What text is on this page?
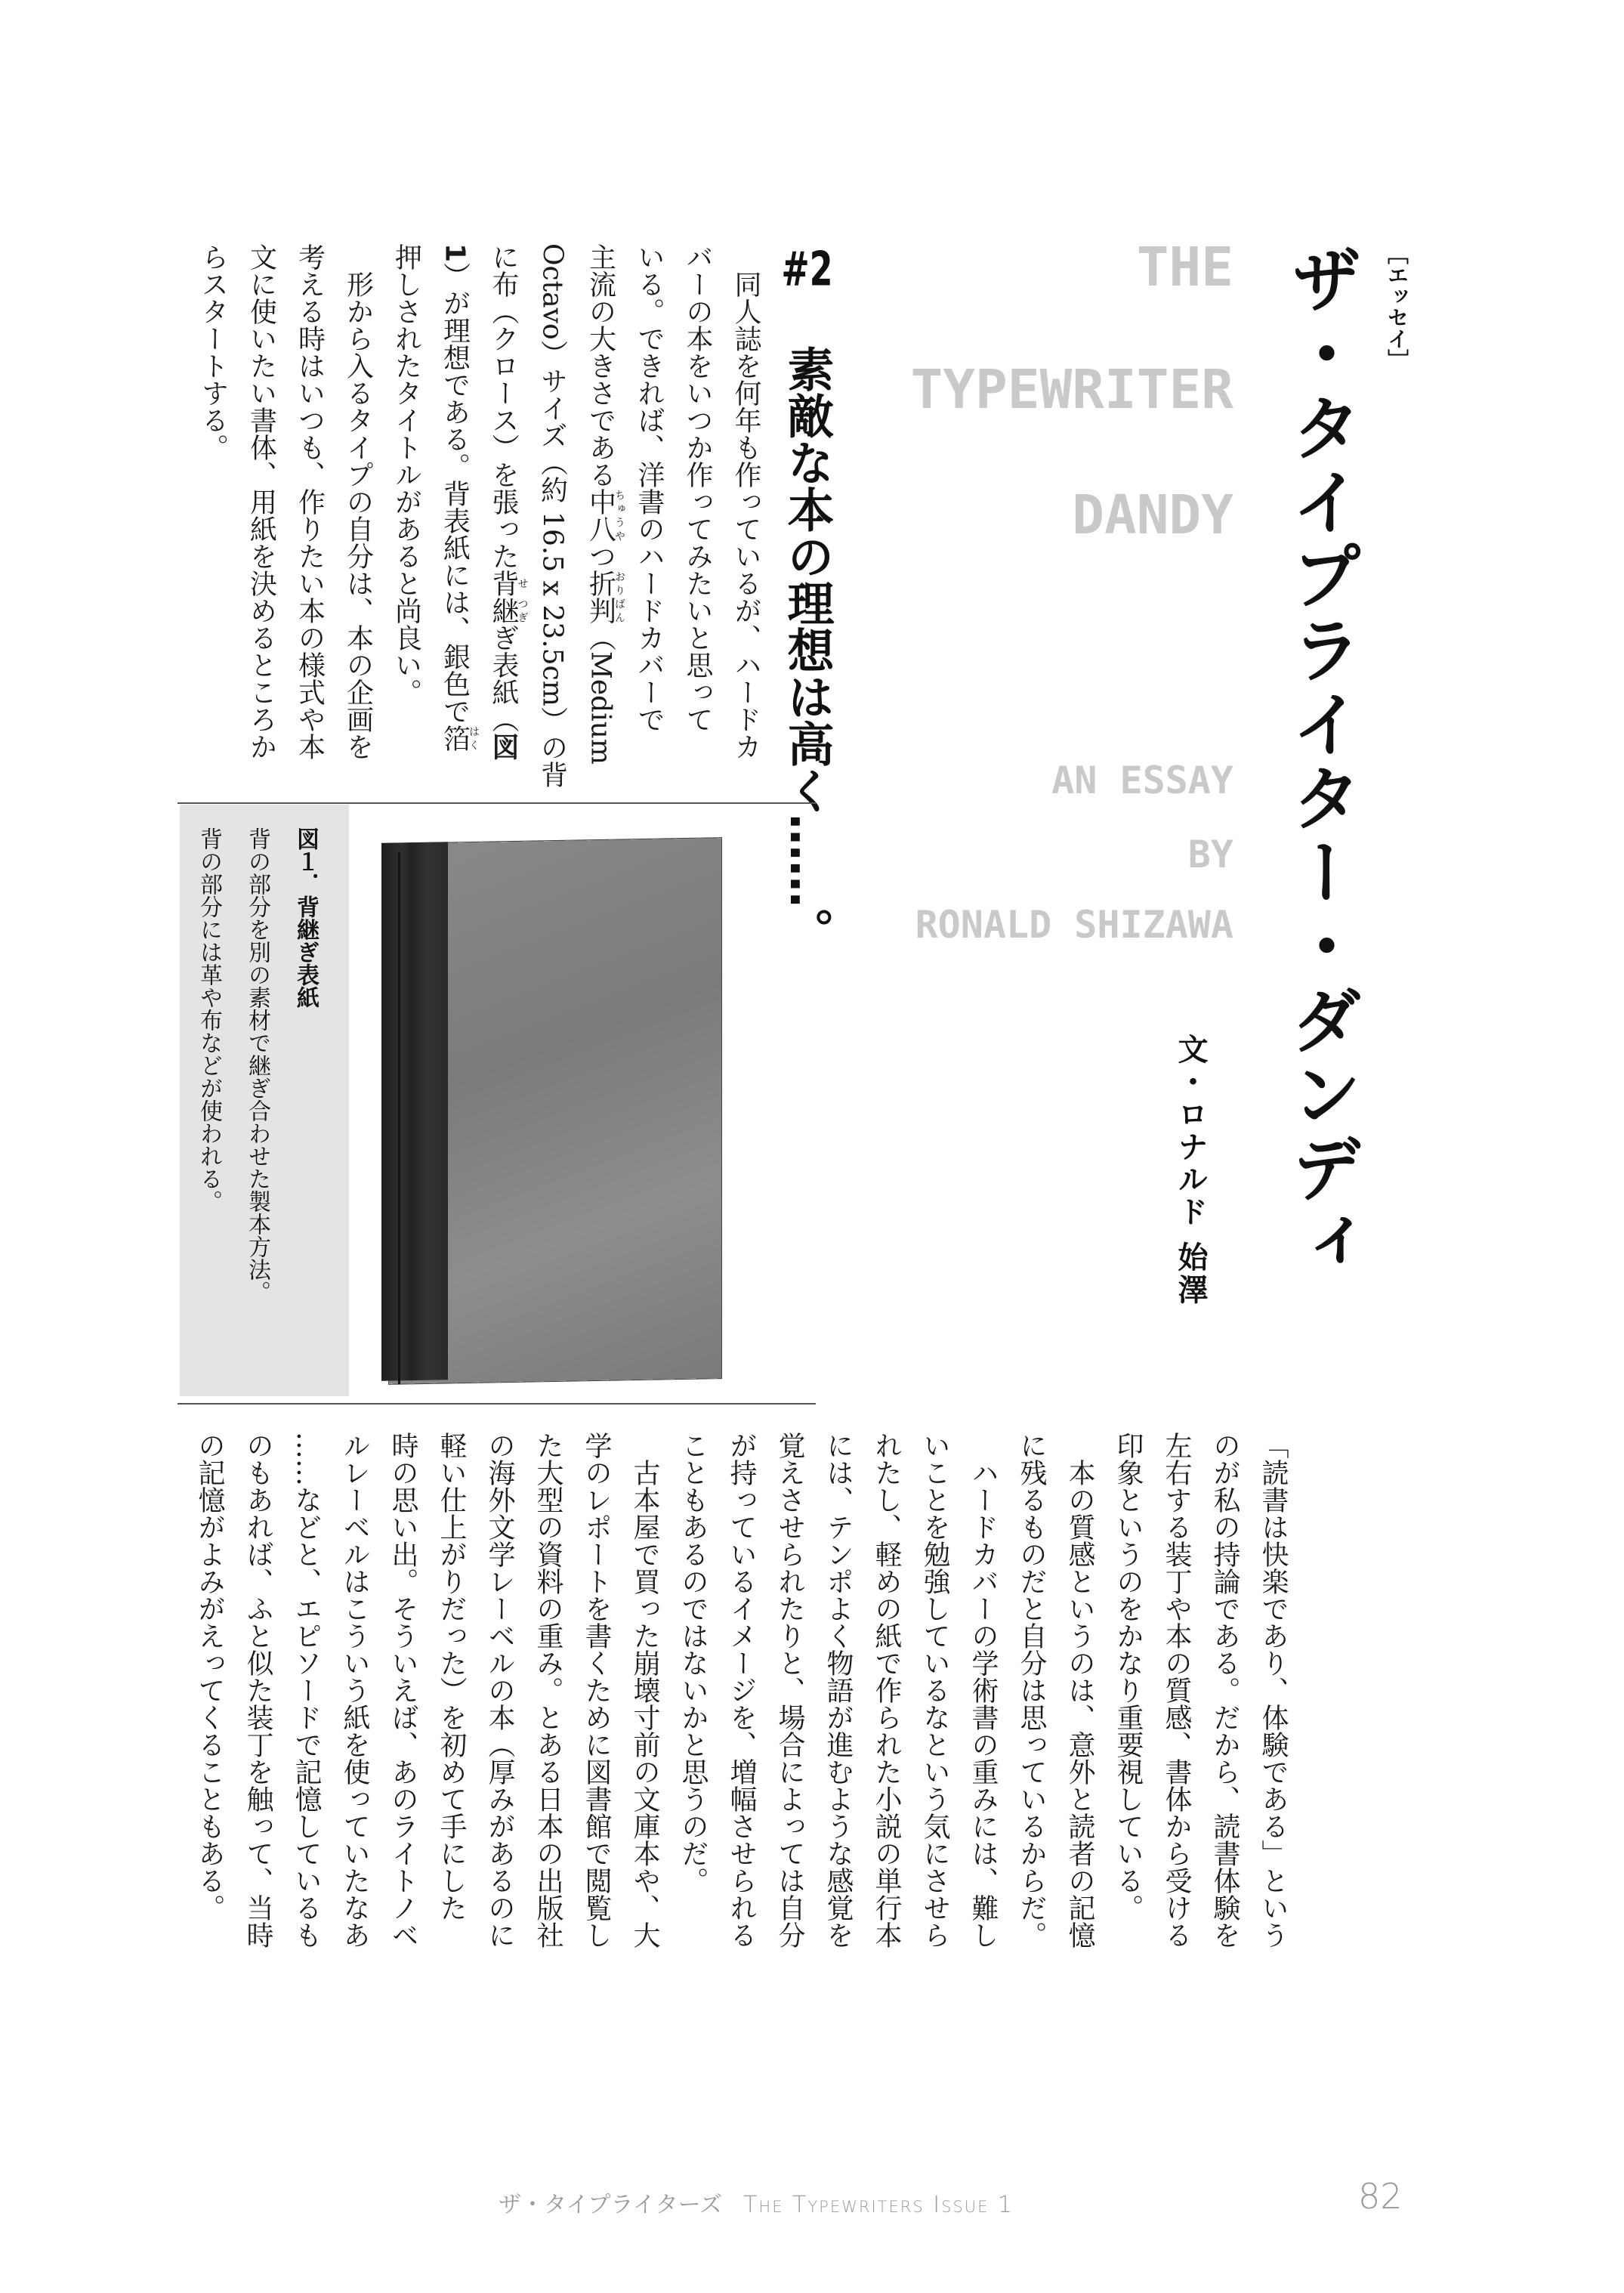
［エッセイ］
ザ・タイプライター・ダンディ
文・ロナルド 始澤
THE
TYPEWRITER
DANDY
AN ESSAY
BY
RONALD SHIZAWA
#2素敵な本の理想は高く……。
同人誌を何年も作っているが、ハードカ
バーの本をいつか作ってみたいと思って
いる。できれば、洋書のハードカバーで
主流の大きさである中八ちゅうやつ折判おりばん（Medium
Octavo）サイズ（約 16.5 x 23.5cm）の背
に布（クロース）を張った背せ継つぎぎ表紙（図
1）が理想である。背表紙には、銀色で箔はく
押しされたタイトルがあると尚良い。
形から入るタイプの自分は、本の企画を
考える時はいつも、作りたい本の様式や本
文に使いたい書体、用紙を決めるところか
らスタートする。
図１．背継ぎ表紙
背の部分を別の素材で継ぎ合わせた製本方法。
背の部分には革や布などが使われる。
「読書は快楽であり、体験である」という
のが私の持論である。だから、読書体験を
左右する装丁や本の質感、書体から受ける
印象というのをかなり重要視している。
本の質感というのは、意外と読者の記憶
に残るものだと自分は思っているからだ。
ハードカバーの学術書の重みには、難し
いことを勉強しているなという気にさせら
れたし、軽めの紙で作られた小説の単行本
には、テンポよく物語が進むような感覚を
覚えさせられたりと、場合によっては自分
が持っているイメージを、増幅させられる
こともあるのではないかと思うのだ。
古本屋で買った崩壊寸前の文庫本や、大
学のレポートを書くために図書館で閲覧し
た大型の資料の重み。とある日本の出版社
の海外文学レーベルの本（厚みがあるのに
軽い仕上がりだった）を初めて手にした
時の思い出。そういえば、あのライトノベ
ルレーベルはこういう紙を使っていたなあ
……などと、エピソードで記憶しているも
のもあれば、ふと似た装丁を触って、当時
の記憶がよみがえってくることもある。
ザ・タイプライターズ The Typewriters Issue 1	82
